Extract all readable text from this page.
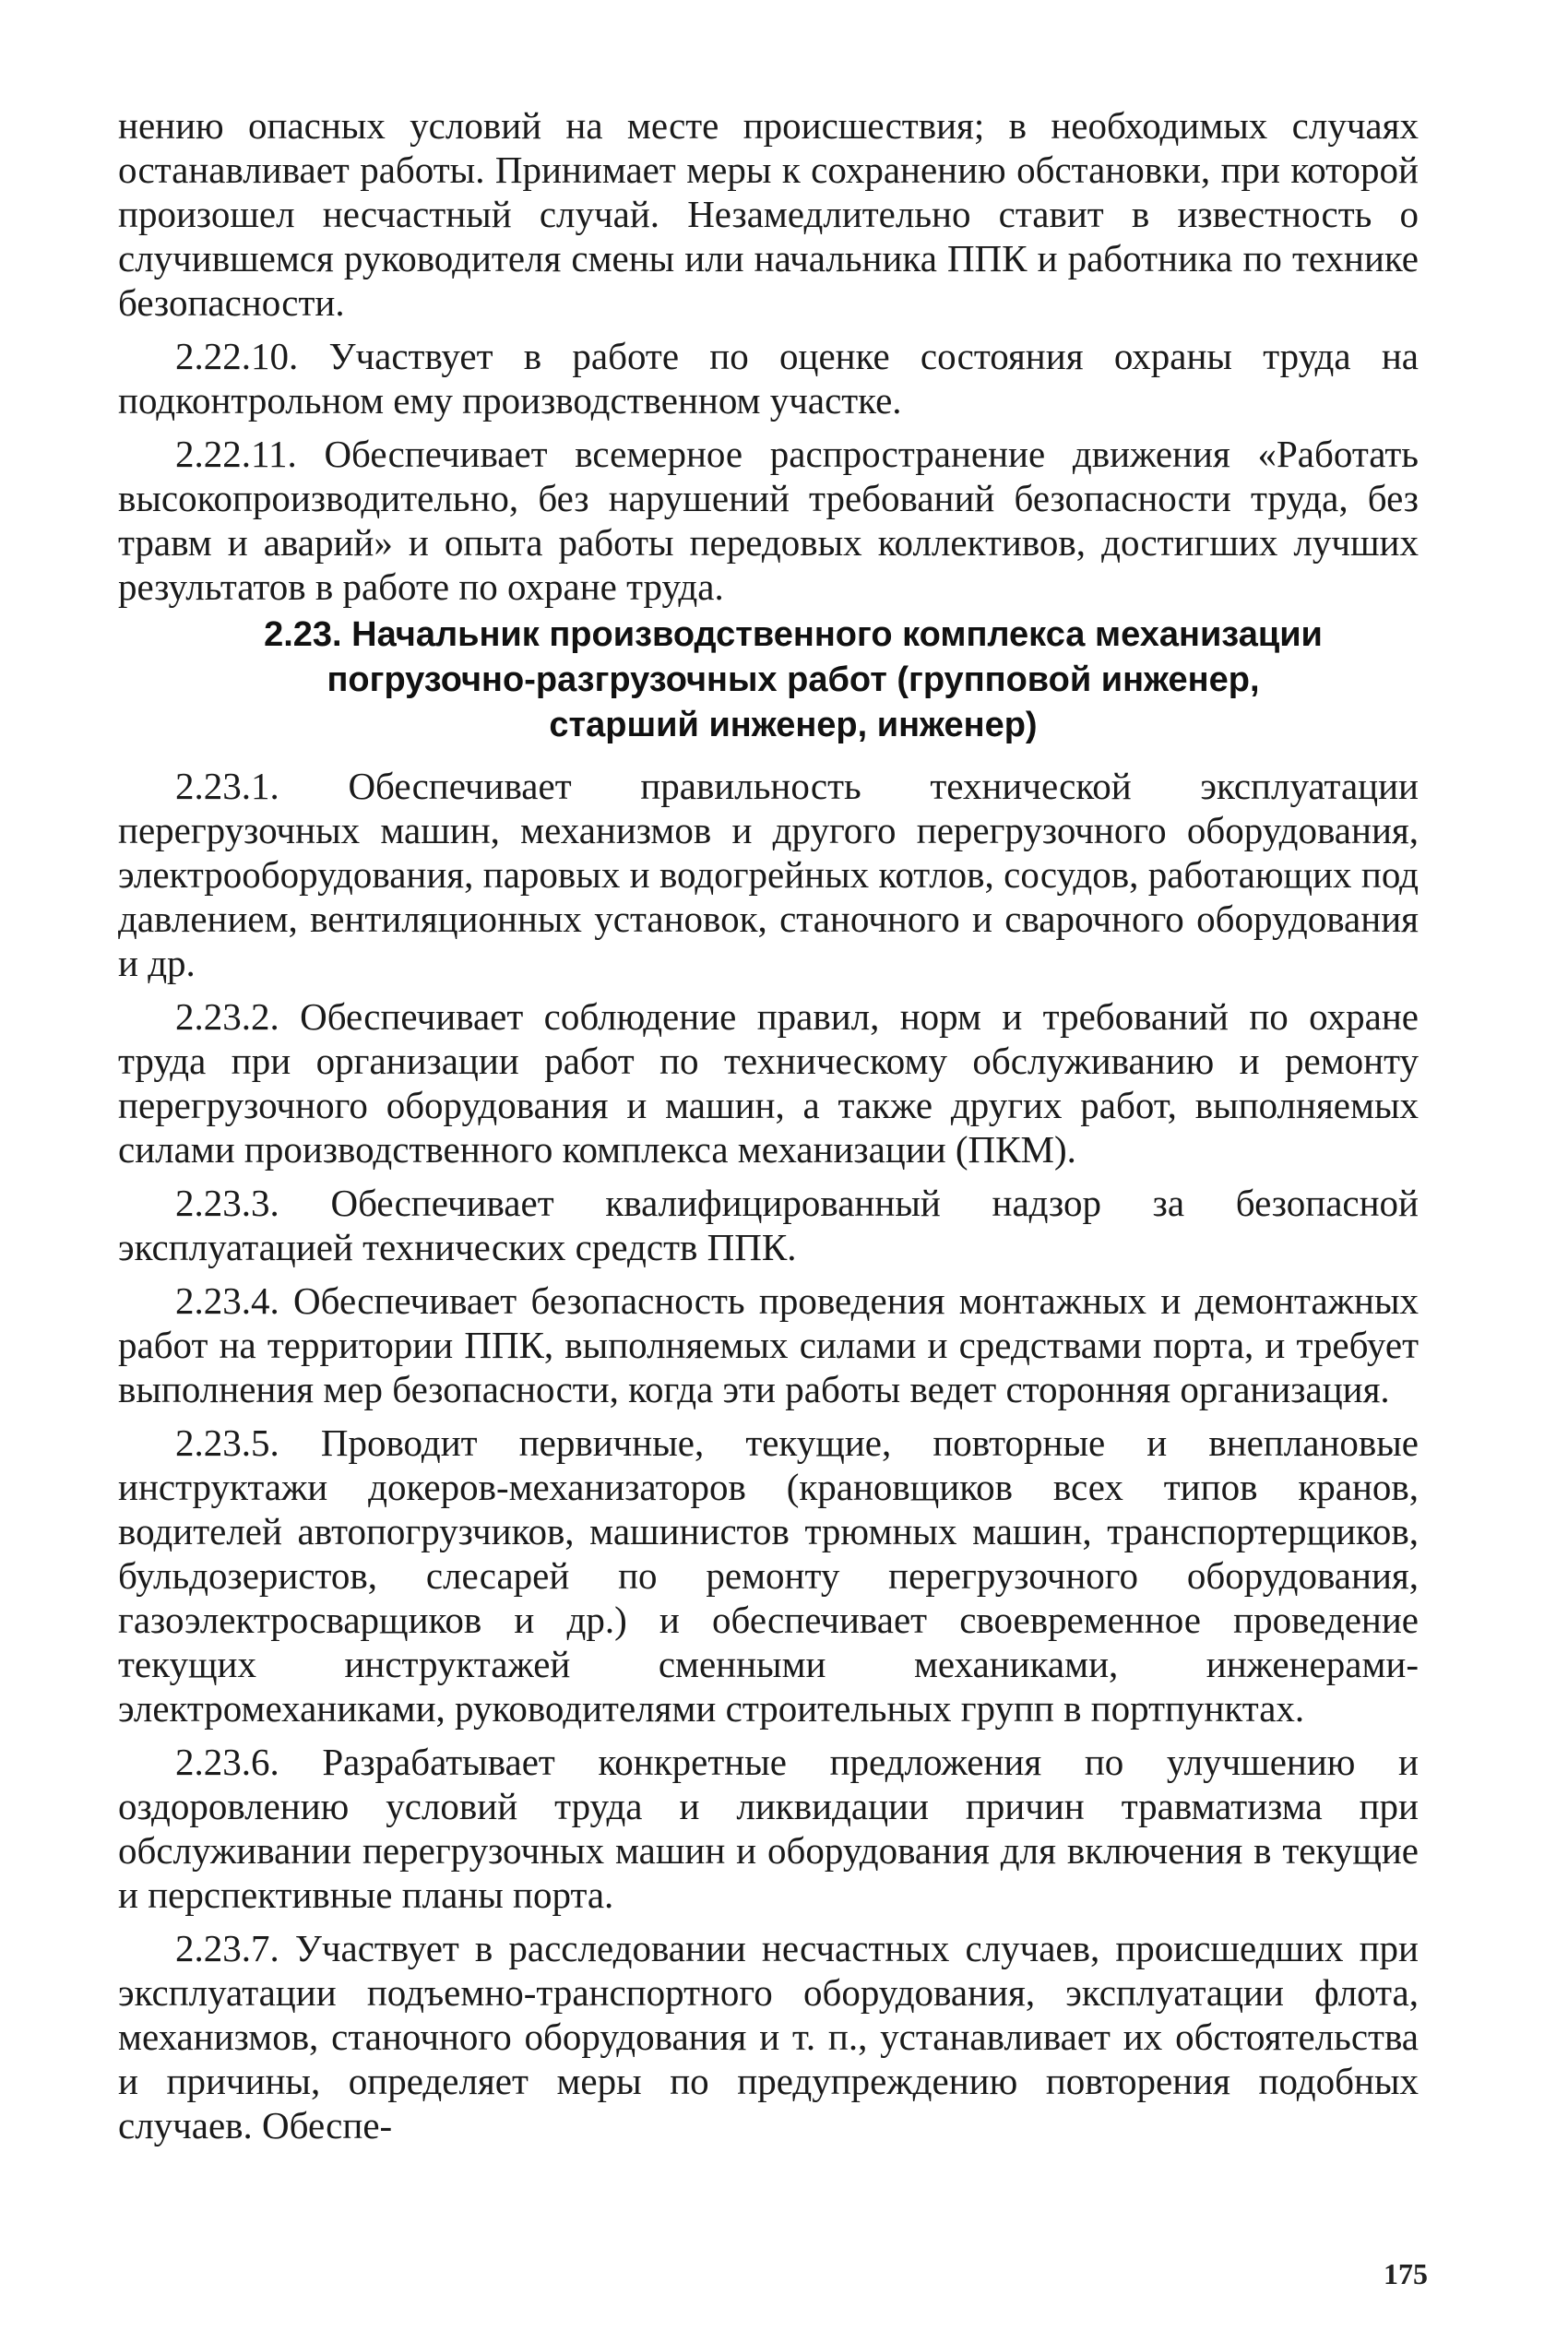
нению опасных условий на месте происшествия; в необходимых случаях останавливает работы. Принимает меры к сохранению обстановки, при которой произошел несчастный случай. Незамедлительно ставит в известность о случившемся руководителя смены или начальника ППК и работника по технике безопасности.

2.22.10. Участвует в работе по оценке состояния охраны труда на подконтрольном ему производственном участке.

2.22.11. Обеспечивает всемерное распространение движения «Работать высокопроизводительно, без нарушений требований безопасности труда, без травм и аварий» и опыта работы передовых коллективов, достигших лучших результатов в работе по охране труда.

2.23. Начальник производственного комплекса механизации
погрузочно-разгрузочных работ (групповой инженер,
старший инженер, инженер)

2.23.1. Обеспечивает правильность технической эксплуатации перегрузочных машин, механизмов и другого перегрузочного оборудования, электрооборудования, паровых и водогрейных котлов, сосудов, работающих под давлением, вентиляционных установок, станочного и сварочного оборудования и др.

2.23.2. Обеспечивает соблюдение правил, норм и требований по охране труда при организации работ по техническому обслуживанию и ремонту перегрузочного оборудования и машин, а также других работ, выполняемых силами производственного комплекса механизации (ПКМ).

2.23.3. Обеспечивает квалифицированный надзор за безопасной эксплуатацией технических средств ППК.

2.23.4. Обеспечивает безопасность проведения монтажных и демонтажных работ на территории ППК, выполняемых силами и средствами порта, и требует выполнения мер безопасности, когда эти работы ведет сторонняя организация.

2.23.5. Проводит первичные, текущие, повторные и внеплановые инструктажи докеров-механизаторов (крановщиков всех типов кранов, водителей автопогрузчиков, машинистов трюмных машин, транспортерщиков, бульдозеристов, слесарей по ремонту перегрузочного оборудования, газоэлектросварщиков и др.) и обеспечивает своевременное проведение текущих инструктажей сменными механиками, инженерами-электромеханиками, руководителями строительных групп в портпунктах.

2.23.6. Разрабатывает конкретные предложения по улучшению и оздоровлению условий труда и ликвидации причин травматизма при обслуживании перегрузочных машин и оборудования для включения в текущие и перспективные планы порта.

2.23.7. Участвует в расследовании несчастных случаев, происшедших при эксплуатации подъемно-транспортного оборудования, эксплуатации флота, механизмов, станочного оборудования и т. п., устанавливает их обстоятельства и причины, определяет меры по предупреждению повторения подобных случаев. Обеспе-

175
